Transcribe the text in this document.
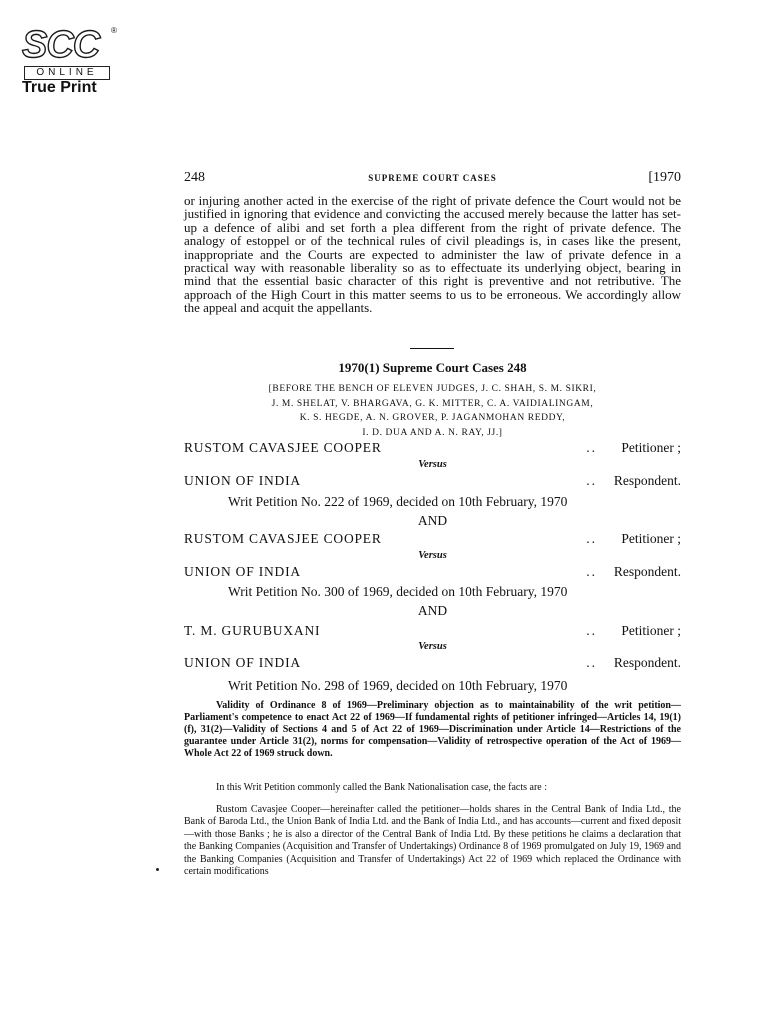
SCC ®
ONLINE
True Print
248	SUPREME COURT CASES	[1970

or injuring another acted in the exercise of the right of private defence the Court would not be justified in ignoring that evidence and convicting the accused merely because the latter has set-up a defence of alibi and set forth a plea different from the right of private defence. The analogy of estoppel or of the technical rules of civil pleadings is, in cases like the present, inappropriate and the Courts are expected to administer the law of private defence in a practical way with reasonable liberality so as to effectuate its underlying object, bearing in mind that the essential basic character of this right is preventive and not retributive. The approach of the High Court in this matter seems to us to be erroneous. We accordingly allow the appeal and acquit the appellants.

1970(1) Supreme Court Cases 248
[BEFORE THE BENCH OF ELEVEN JUDGES, J. C. SHAH, S. M. SIKRI,
J. M. SHELAT, V. BHARGAVA, G. K. MITTER, C. A. VAIDIALINGAM,
K. S. HEGDE, A. N. GROVER, P. JAGANMOHAN REDDY,
I. D. DUA AND A. N. RAY, JJ.]
RUSTOM CAVASJEE COOPER	.. Petitioner ;
Versus
UNION OF INDIA	.. Respondent.
Writ Petition No. 222 of 1969, decided on 10th February, 1970
AND
RUSTOM CAVASJEE COOPER	.. Petitioner ;
Versus
UNION OF INDIA	.. Respondent.
Writ Petition No. 300 of 1969, decided on 10th February, 1970
AND
T. M. GURUBUXANI	.. Petitioner ;
Versus
UNION OF INDIA	.. Respondent.
Writ Petition No. 298 of 1969, decided on 10th February, 1970

Validity of Ordinance 8 of 1969—Preliminary objection as to maintainability of the writ petition—Parliament's competence to enact Act 22 of 1969—If fundamental rights of petitioner infringed—Articles 14, 19(1)(f), 31(2)—Validity of Sections 4 and 5 of Act 22 of 1969—Discrimination under Article 14—Restrictions of the guarantee under Article 31(2), norms for compensation—Validity of retrospective operation of the Act of 1969—Whole Act 22 of 1969 struck down.

In this Writ Petition commonly called the Bank Nationalisation case, the facts are :

Rustom Cavasjee Cooper—hereinafter called the petitioner—holds shares in the Central Bank of India Ltd., the Bank of Baroda Ltd., the Union Bank of India Ltd. and the Bank of India Ltd., and has accounts—current and fixed deposit—with those Banks ; he is also a director of the Central Bank of India Ltd. By these petitions he claims a declaration that the Banking Companies (Acquisition and Transfer of Undertakings) Ordinance 8 of 1969 promulgated on July 19, 1969 and the Banking Companies (Acquisition and Transfer of Undertakings) Act 22 of 1969 which replaced the Ordinance with certain modifications
